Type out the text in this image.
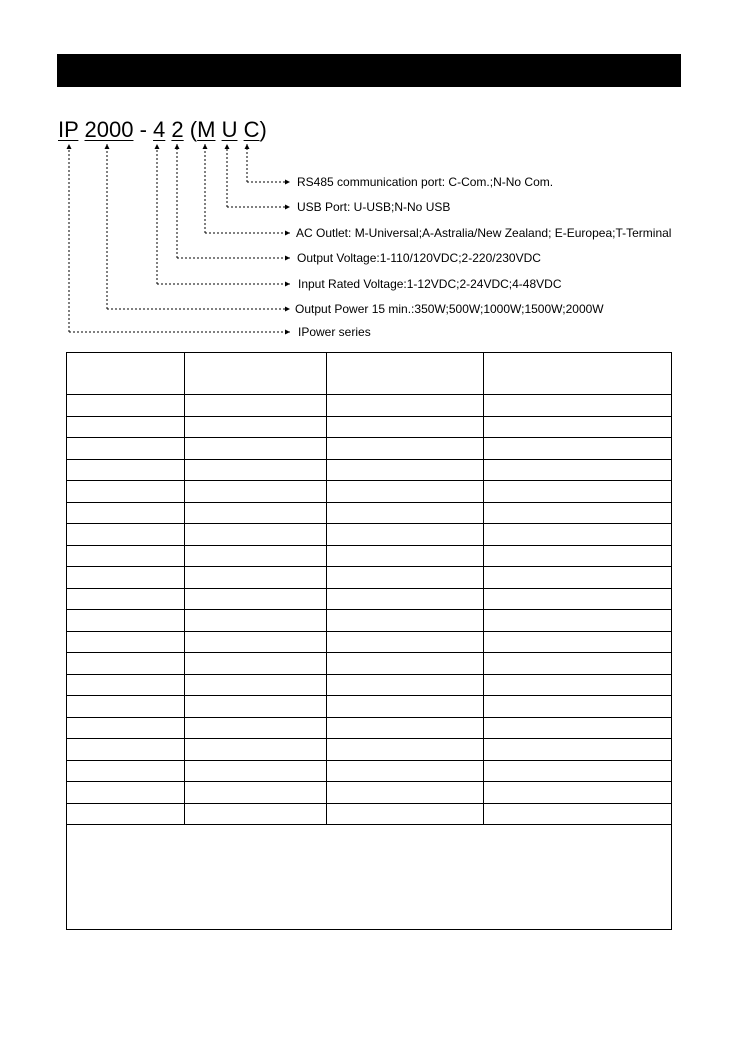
IP 2000 - 4 2 (M U C)
RS485 communication port: C-Com.;N-No Com.
USB Port: U-USB;N-No USB
AC Outlet: M-Universal;A-Astralia/New Zealand; E-Europea;T-Terminal
Output Voltage:1-110/120VDC;2-220/230VDC
Input Rated Voltage:1-12VDC;2-24VDC;4-48VDC
Output Power 15 min.:350W;500W;1000W;1500W;2000W
IPower series
